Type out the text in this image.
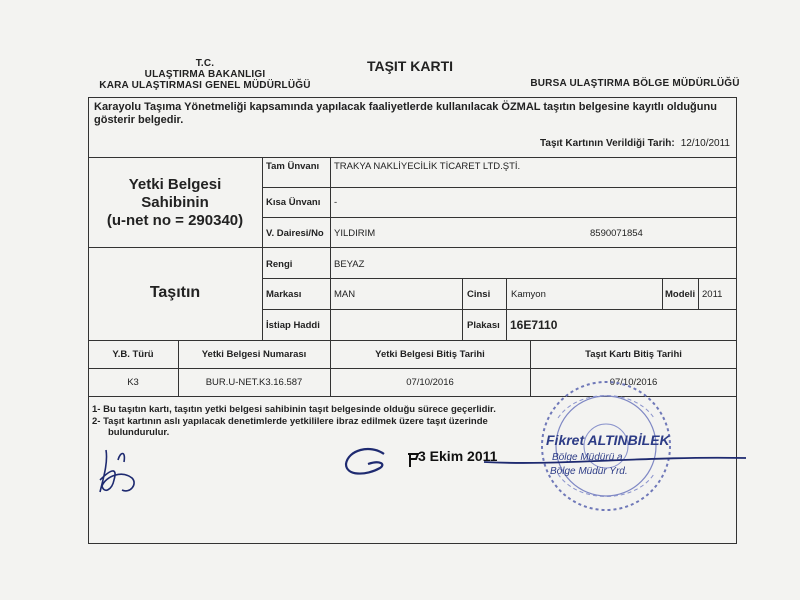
T.C.
ULAŞTIRMA BAKANLIGI
KARA ULAŞTIRMASI GENEL MÜDÜRLÜĞÜ
TAŞIT KARTI
BURSA ULAŞTIRMA BÖLGE MÜDÜRLÜĞÜ
Karayolu Taşıma Yönetmeliği kapsamında yapılacak faaliyetlerde kullanılacak ÖZMAL taşıtın belgesine kayıtlı olduğunu gösterir belgedir.
Taşıt Kartının Verildiği Tarih: 12/10/2011
Yetki Belgesi
Sahibinin
(u-net no = 290340)
Tam Ünvanı TRAKYA NAKLİYECİLİK TİCARET LTD.ŞTİ.
Kısa Ünvanı -
V. Dairesi/No YILDIRIM	8590071854
Taşıtın
Rengi	BEYAZ
Markası	MAN	Cinsi Kamyon	Modeli 2011
İstiap Haddi	Plakası 16E7110
Y.B. Türü	Yetki Belgesi Numarası	Yetki Belgesi Bitiş Tarihi	Taşıt Kartı Bitiş Tarihi
K3	BUR.U-NET.K3.16.587	07/10/2016	07/10/2016
1- Bu taşıtın kartı, taşıtın yetki belgesi sahibinin taşıt belgesinde olduğu sürece geçerlidir.
2- Taşıt kartının aslı yapılacak denetimlerde yetkililere ibraz edilmek üzere taşıt üzerinde
bulundurulur.
3 Ekim 2011
Fikret ALTINBİLEK
Bölge Müdürü a.
Bölge Müdür Yrd.
